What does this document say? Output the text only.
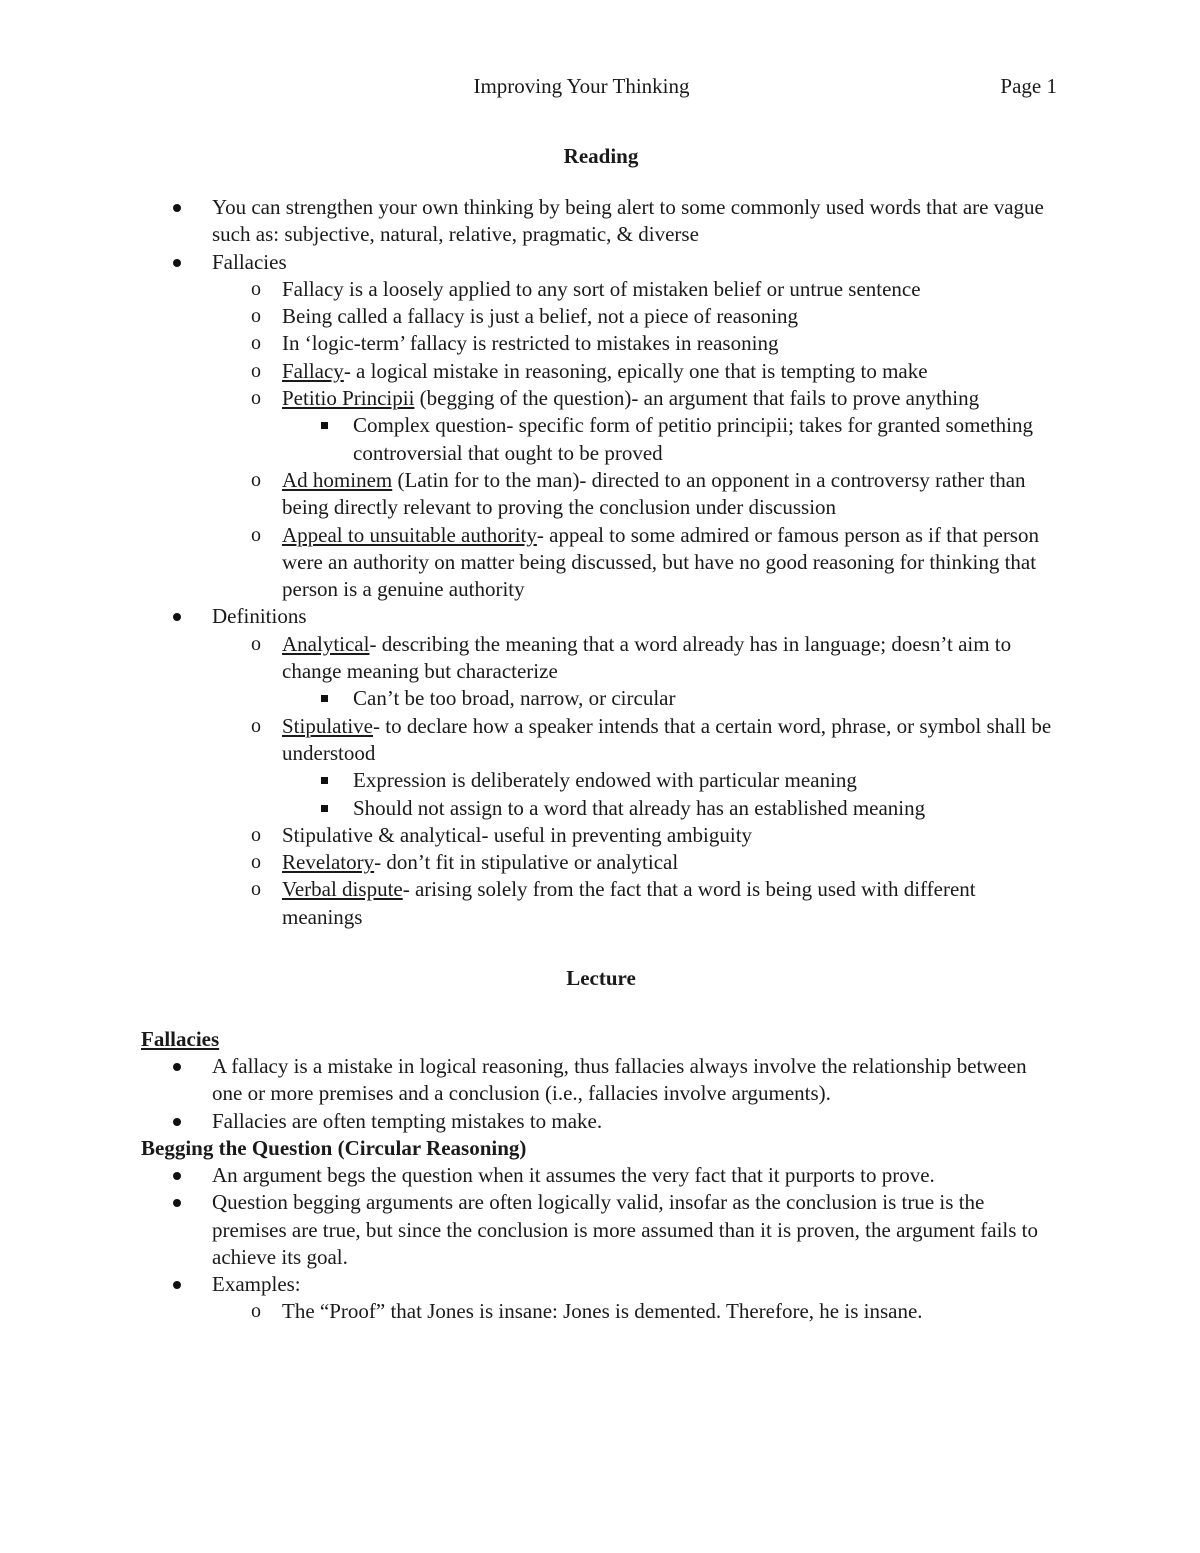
Improving Your Thinking	Page 1

Reading

You can strengthen your own thinking by being alert to some commonly used words that are vague such as: subjective, natural, relative, pragmatic, & diverse
Fallacies
o Fallacy is a loosely applied to any sort of mistaken belief or untrue sentence
o Being called a fallacy is just a belief, not a piece of reasoning
o In ‘logic-term’ fallacy is restricted to mistakes in reasoning
o Fallacy- a logical mistake in reasoning, epically one that is tempting to make
o Petitio Principii (begging of the question)- an argument that fails to prove anything
Complex question- specific form of petitio principii; takes for granted something controversial that ought to be proved
o Ad hominem (Latin for to the man)- directed to an opponent in a controversy rather than being directly relevant to proving the conclusion under discussion
o Appeal to unsuitable authority- appeal to some admired or famous person as if that person were an authority on matter being discussed, but have no good reasoning for thinking that person is a genuine authority
Definitions
o Analytical- describing the meaning that a word already has in language; doesn’t aim to change meaning but characterize
Can’t be too broad, narrow, or circular
o Stipulative- to declare how a speaker intends that a certain word, phrase, or symbol shall be understood
Expression is deliberately endowed with particular meaning
Should not assign to a word that already has an established meaning
o Stipulative & analytical- useful in preventing ambiguity
o Revelatory- don’t fit in stipulative or analytical
o Verbal dispute- arising solely from the fact that a word is being used with different meanings

Lecture

Fallacies

A fallacy is a mistake in logical reasoning, thus fallacies always involve the relationship between one or more premises and a conclusion (i.e., fallacies involve arguments).
Fallacies are often tempting mistakes to make.

Begging the Question (Circular Reasoning)

An argument begs the question when it assumes the very fact that it purports to prove.
Question begging arguments are often logically valid, insofar as the conclusion is true is the premises are true, but since the conclusion is more assumed than it is proven, the argument fails to achieve its goal.
Examples:
o The “Proof” that Jones is insane: Jones is demented. Therefore, he is insane.
